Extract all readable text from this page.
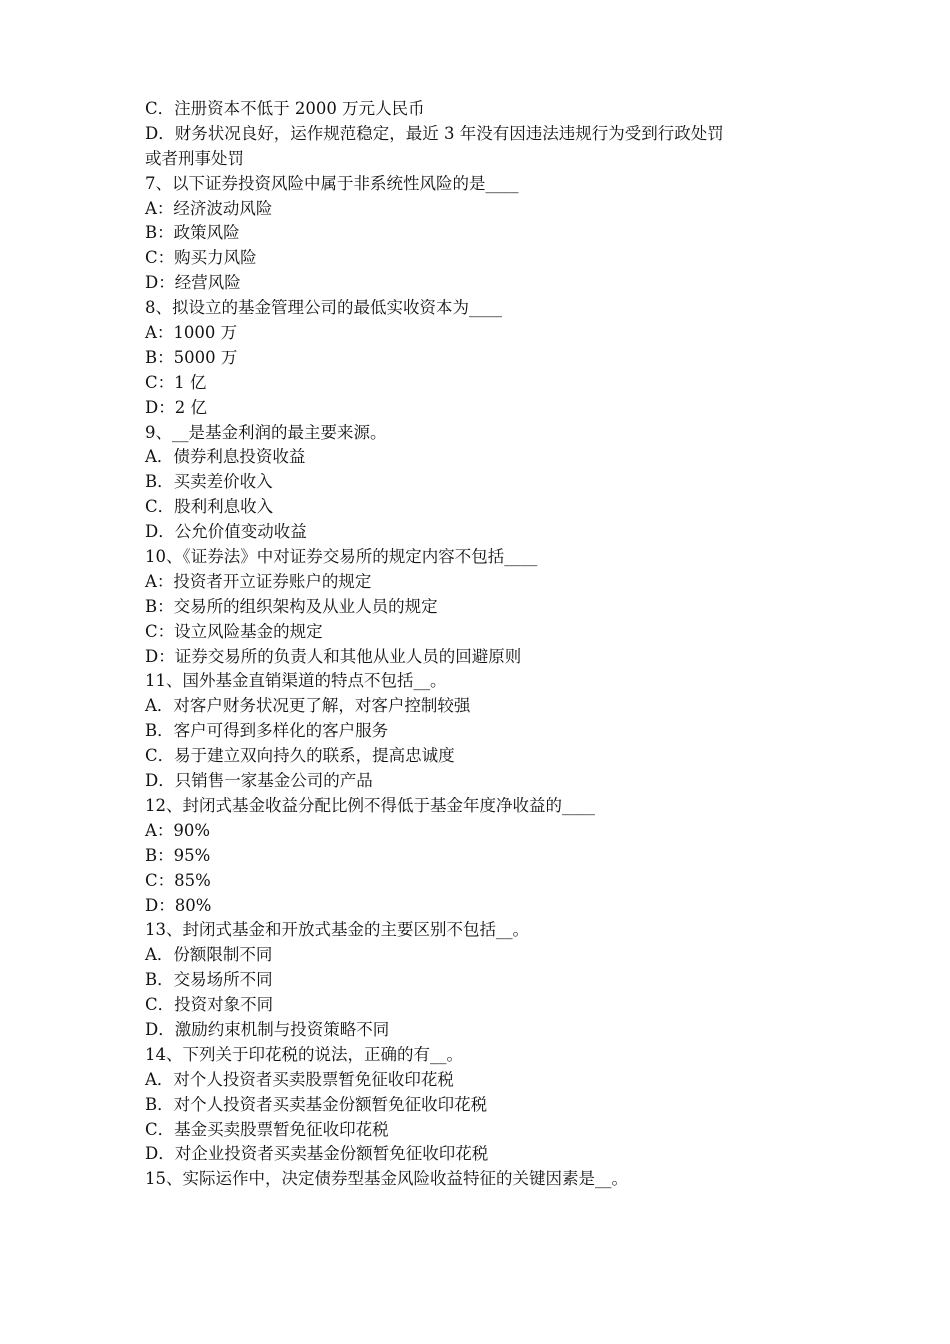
C．注册资本不低于 2000 万元人民币
D．财务状况良好，运作规范稳定，最近 3 年没有因违法违规行为受到行政处罚
或者刑事处罚
7、以下证券投资风险中属于非系统性风险的是____
A：经济波动风险
B：政策风险
C：购买力风险
D：经营风险
8、拟设立的基金管理公司的最低实收资本为____
A：1000 万
B：5000 万
C：1 亿
D：2 亿
9、__是基金利润的最主要来源。
A．债券利息投资收益
B．买卖差价收入
C．股利利息收入
D．公允价值变动收益
10、《证券法》中对证券交易所的规定内容不包括____
A：投资者开立证券账户的规定
B：交易所的组织架构及从业人员的规定
C：设立风险基金的规定
D：证券交易所的负责人和其他从业人员的回避原则
11、国外基金直销渠道的特点不包括__。
A．对客户财务状况更了解，对客户控制较强
B．客户可得到多样化的客户服务
C．易于建立双向持久的联系，提高忠诚度
D．只销售一家基金公司的产品
12、封闭式基金收益分配比例不得低于基金年度净收益的____
A：90%
B：95%
C：85%
D：80%
13、封闭式基金和开放式基金的主要区别不包括__。
A．份额限制不同
B．交易场所不同
C．投资对象不同
D．激励约束机制与投资策略不同
14、下列关于印花税的说法，正确的有__。
A．对个人投资者买卖股票暂免征收印花税
B．对个人投资者买卖基金份额暂免征收印花税
C．基金买卖股票暂免征收印花税
D．对企业投资者买卖基金份额暂免征收印花税
15、实际运作中，决定债券型基金风险收益特征的关键因素是__。
